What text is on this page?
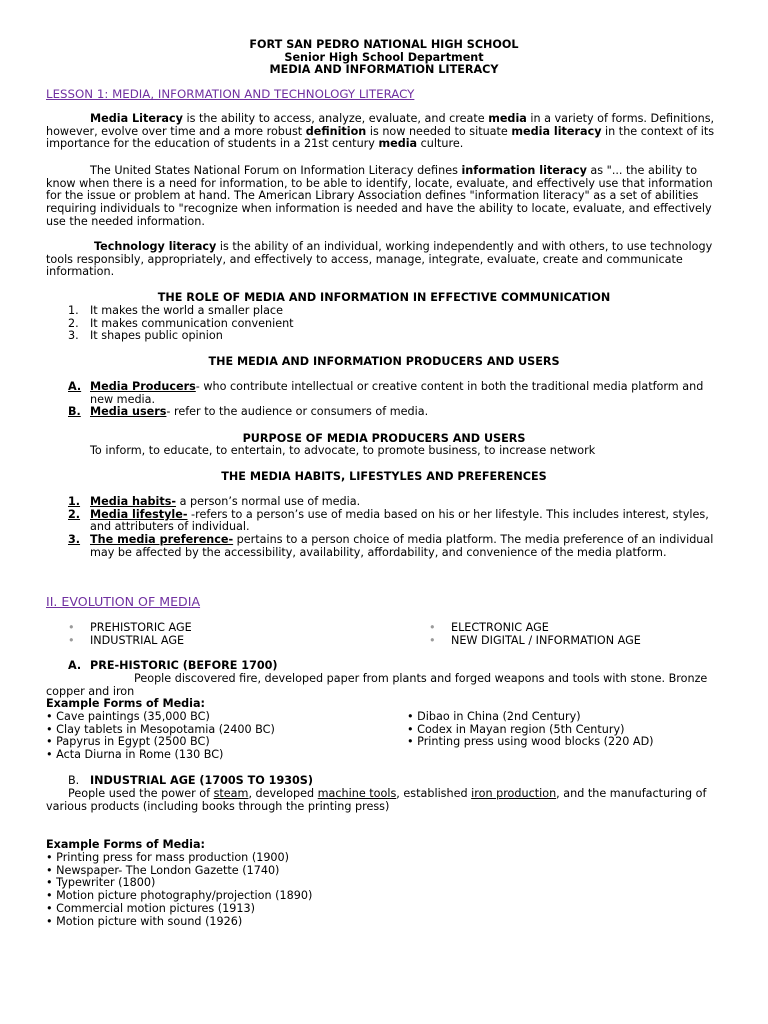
FORT SAN PEDRO NATIONAL HIGH SCHOOL
Senior High School Department
MEDIA AND INFORMATION LITERACY
LESSON 1: MEDIA, INFORMATION AND TECHNOLOGY LITERACY

Media Literacy is the ability to access, analyze, evaluate, and create media in a variety of forms. Definitions, however, evolve over time and a more robust definition is now needed to situate media literacy in the context of its importance for the education of students in a 21st century media culture.

The United States National Forum on Information Literacy defines information literacy as "... the ability to know when there is a need for information, to be able to identify, locate, evaluate, and effectively use that information for the issue or problem at hand. The American Library Association defines "information literacy" as a set of abilities requiring individuals to "recognize when information is needed and have the ability to locate, evaluate, and effectively use the needed information.

Technology literacy is the ability of an individual, working independently and with others, to use technology tools responsibly, appropriately, and effectively to access, manage, integrate, evaluate, create and communicate information.

THE ROLE OF MEDIA AND INFORMATION IN EFFECTIVE COMMUNICATION
1. It makes the world a smaller place
2. It makes communication convenient
3. It shapes public opinion
THE MEDIA AND INFORMATION PRODUCERS AND USERS
A. Media Producers- who contribute intellectual or creative content in both the traditional media platform and new media.
B. Media users- refer to the audience or consumers of media.
PURPOSE OF MEDIA PRODUCERS AND USERS
To inform, to educate, to entertain, to advocate, to promote business, to increase network
THE MEDIA HABITS, LIFESTYLES AND PREFERENCES
1. Media habits- a person’s normal use of media.
2. Media lifestyle- -refers to a person’s use of media based on his or her lifestyle. This includes interest, styles, and attributers of individual.
3. The media preference- pertains to a person choice of media platform. The media preference of an individual may be affected by the accessibility, availability, affordability, and convenience of the media platform.
II. EVOLUTION OF MEDIA
• PREHISTORIC AGE
• INDUSTRIAL AGE
• ELECTRONIC AGE
• NEW DIGITAL / INFORMATION AGE
A. PRE-HISTORIC (BEFORE 1700)

People discovered fire, developed paper from plants and forged weapons and tools with stone. Bronze copper and iron

Example Forms of Media:
• Cave paintings (35,000 BC)
• Clay tablets in Mesopotamia (2400 BC)
• Papyrus in Egypt (2500 BC)
• Acta Diurna in Rome (130 BC)
• Dibao in China (2nd Century)
• Codex in Mayan region (5th Century)
• Printing press using wood blocks (220 AD)
B. INDUSTRIAL AGE (1700S TO 1930S)

People used the power of steam, developed machine tools, established iron production, and the manufacturing of various products (including books through the printing press)

Example Forms of Media:
• Printing press for mass production (1900)
• Newspaper- The London Gazette (1740)
• Typewriter (1800)
• Motion picture photography/projection (1890)
• Commercial motion pictures (1913)
• Motion picture with sound (1926)
